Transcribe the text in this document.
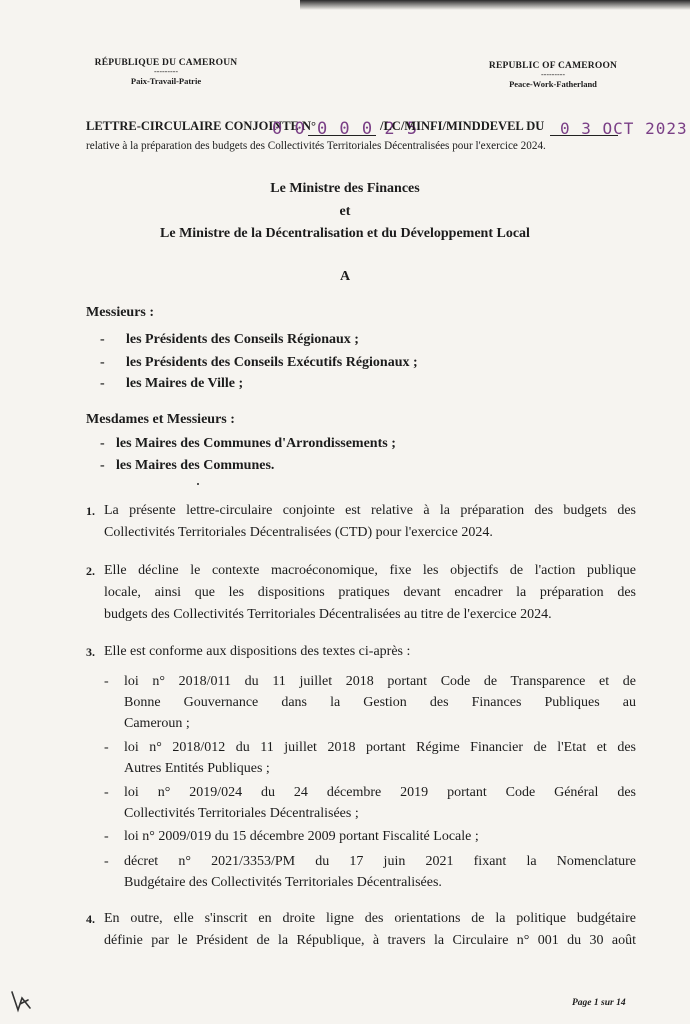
RÉPUBLIQUE DU CAMEROUN
---------
Paix-Travail-Patrie
REPUBLIC OF CAMEROON
---------
Peace-Work-Fatherland
LETTRE-CIRCULAIRE CONJOINTE N°
0 0 0 0 0 2 5
/LC/MINFI/MINDDEVEL DU 0 3 OCT 2023
relative à la préparation des budgets des Collectivités Territoriales Décentralisées pour l'exercice 2024.
Le Ministre des Finances
et
Le Ministre de la Décentralisation et du Développement Local
A
Messieurs :
- les Présidents des Conseils Régionaux ;
- les Présidents des Conseils Exécutifs Régionaux ;
- les Maires de Ville ;
Mesdames et Messieurs :
- les Maires des Communes d'Arrondissements ;
- les Maires des Communes.
1. La présente lettre-circulaire conjointe est relative à la préparation des budgets des
Collectivités Territoriales Décentralisées (CTD) pour l'exercice 2024.
2. Elle décline le contexte macroéconomique, fixe les objectifs de l'action publique
locale, ainsi que les dispositions pratiques devant encadrer la préparation des
budgets des Collectivités Territoriales Décentralisées au titre de l'exercice 2024.
3. Elle est conforme aux dispositions des textes ci-après :
- loi n° 2018/011 du 11 juillet 2018 portant Code de Transparence et de
Bonne Gouvernance dans la Gestion des Finances Publiques au
Cameroun ;
- loi n° 2018/012 du 11 juillet 2018 portant Régime Financier de l'Etat et des
Autres Entités Publiques ;
- loi n° 2019/024 du 24 décembre 2019 portant Code Général des
Collectivités Territoriales Décentralisées ;
- loi n° 2009/019 du 15 décembre 2009 portant Fiscalité Locale ;
- décret n° 2021/3353/PM du 17 juin 2021 fixant la Nomenclature
Budgétaire des Collectivités Territoriales Décentralisées.
4. En outre, elle s'inscrit en droite ligne des orientations de la politique budgétaire
définie par le Président de la République, à travers la Circulaire n° 001 du 30 août
Page 1 sur 14
